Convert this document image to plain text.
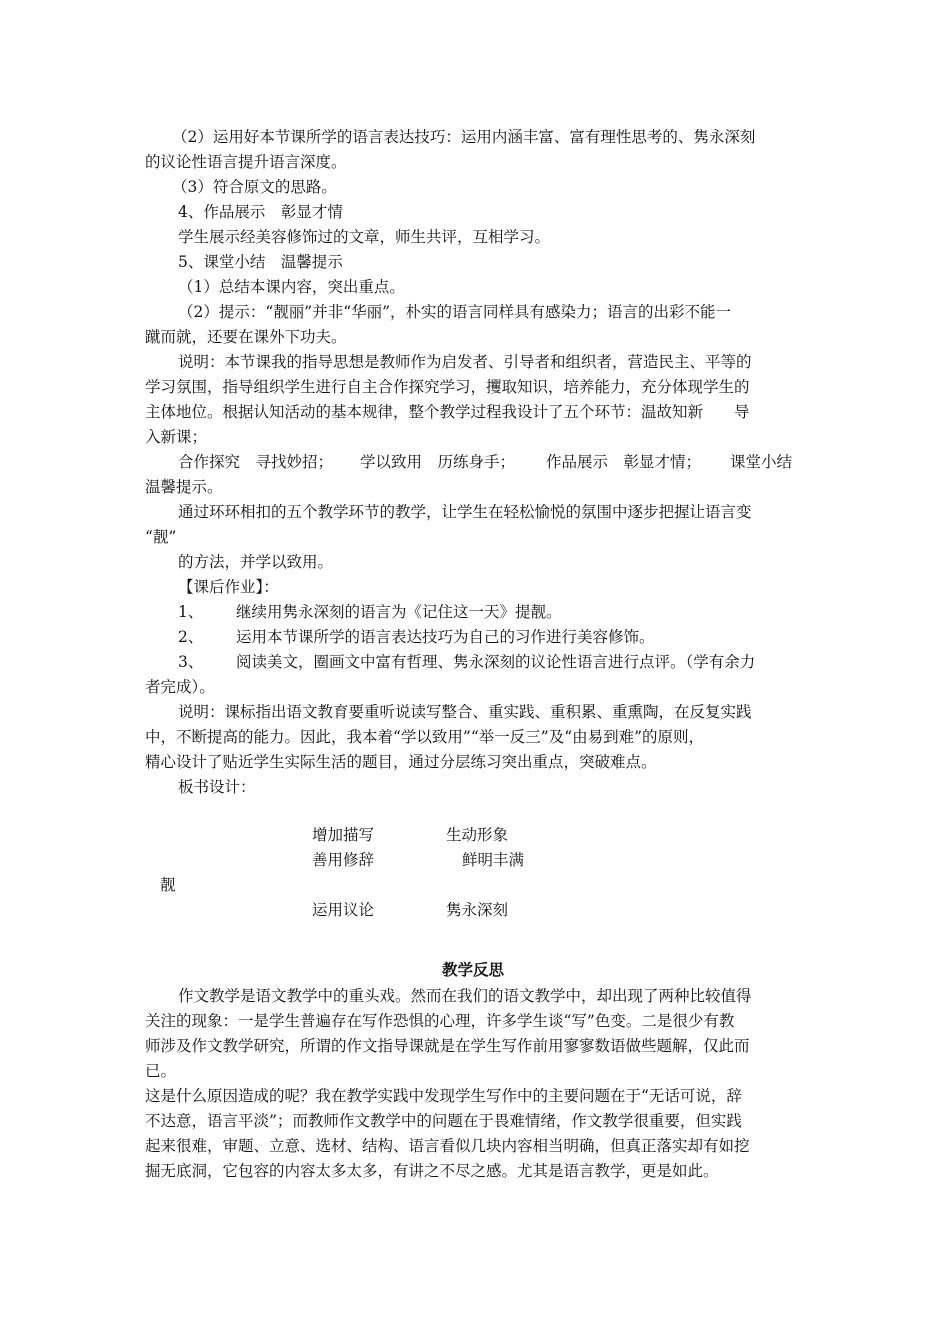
（2）运用好本节课所学的语言表达技巧：运用内涵丰富、富有理性思考的、隽永深刻
的议论性语言提升语言深度。
（3）符合原文的思路。
4、作品展示　彰显才情
学生展示经美容修饰过的文章，师生共评，互相学习。
5、课堂小结　温馨提示
（1）总结本课内容，突出重点。
（2）提示：“靓丽”并非“华丽”，朴实的语言同样具有感染力；语言的出彩不能一
蹴而就，还要在课外下功夫。
说明：本节课我的指导思想是教师作为启发者、引导者和组织者，营造民主、平等的
学习氛围，指导组织学生进行自主合作探究学习，攫取知识，培养能力，充分体现学生的
主体地位。根据认知活动的基本规律，整个教学过程我设计了五个环节：温故知新　　导
入新课；
合作探究　寻找妙招； 学以致用　历练身手； 作品展示　彰显才情； 课堂小结
温馨提示。
通过环环相扣的五个教学环节的教学，让学生在轻松愉悦的氛围中逐步把握让语言变
“靓”
的方法，并学以致用。
【课后作业】：
1、 继续用隽永深刻的语言为《记住这一天》提靓。
2、 运用本节课所学的语言表达技巧为自己的习作进行美容修饰。
3、 阅读美文，圈画文中富有哲理、隽永深刻的议论性语言进行点评。（学有余力
者完成）。
说明：课标指出语文教育要重听说读写整合、重实践、重积累、重熏陶，在反复实践
中，不断提高的能力。因此，我本着“学以致用”“举一反三”及“由易到难”的原则，
精心设计了贴近学生实际生活的题目，通过分层练习突出重点，突破难点。
板书设计：
增加描写	生动形象
善用修辞	鲜明丰满
靓
运用议论	隽永深刻
教学反思
作文教学是语文教学中的重头戏。然而在我们的语文教学中，却出现了两种比较值得
关注的现象：一是学生普遍存在写作恐惧的心理，许多学生谈“写”色变。二是很少有教
师涉及作文教学研究，所谓的作文指导课就是在学生写作前用寥寥数语做些题解，仅此而
已。
这是什么原因造成的呢？我在教学实践中发现学生写作中的主要问题在于“无话可说，辞
不达意，语言平淡”；而教师作文教学中的问题在于畏难情绪，作文教学很重要，但实践
起来很难，审题、立意、选材、结构、语言看似几块内容相当明确，但真正落实却有如挖
掘无底洞，它包容的内容太多太多，有讲之不尽之感。尤其是语言教学，更是如此。
